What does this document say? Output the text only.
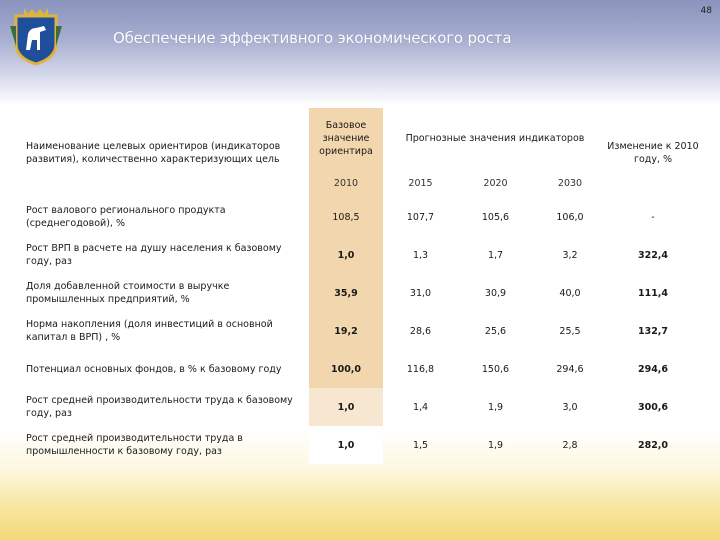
48
Обеспечение эффективного экономического роста
Наименование целевых ориентиров (индикаторов развития), количественно характеризующих цель	Базовое значение ориентира	Прогнозные значения индикаторов			Изменение к 2010 году, %
	2010	2015	2020	2030	
Рост валового регионального продукта (среднегодовой), %	108,5	107,7	105,6	106,0	-
Рост ВРП в расчете на душу населения к базовому году, раз	1,0	1,3	1,7	3,2	322,4
Доля добавленной стоимости в выручке промышленных предприятий, %	35,9	31,0	30,9	40,0	111,4
Норма накопления (доля инвестиций в основной капитал в ВРП) , %	19,2	28,6	25,6	25,5	132,7
Потенциал основных фондов, в % к базовому году	100,0	116,8	150,6	294,6	294,6
Рост средней производительности труда к базовому году, раз	1,0	1,4	1,9	3,0	300,6
Рост средней производительности труда в промышленности к базовому году, раз	1,0	1,5	1,9	2,8	282,0
